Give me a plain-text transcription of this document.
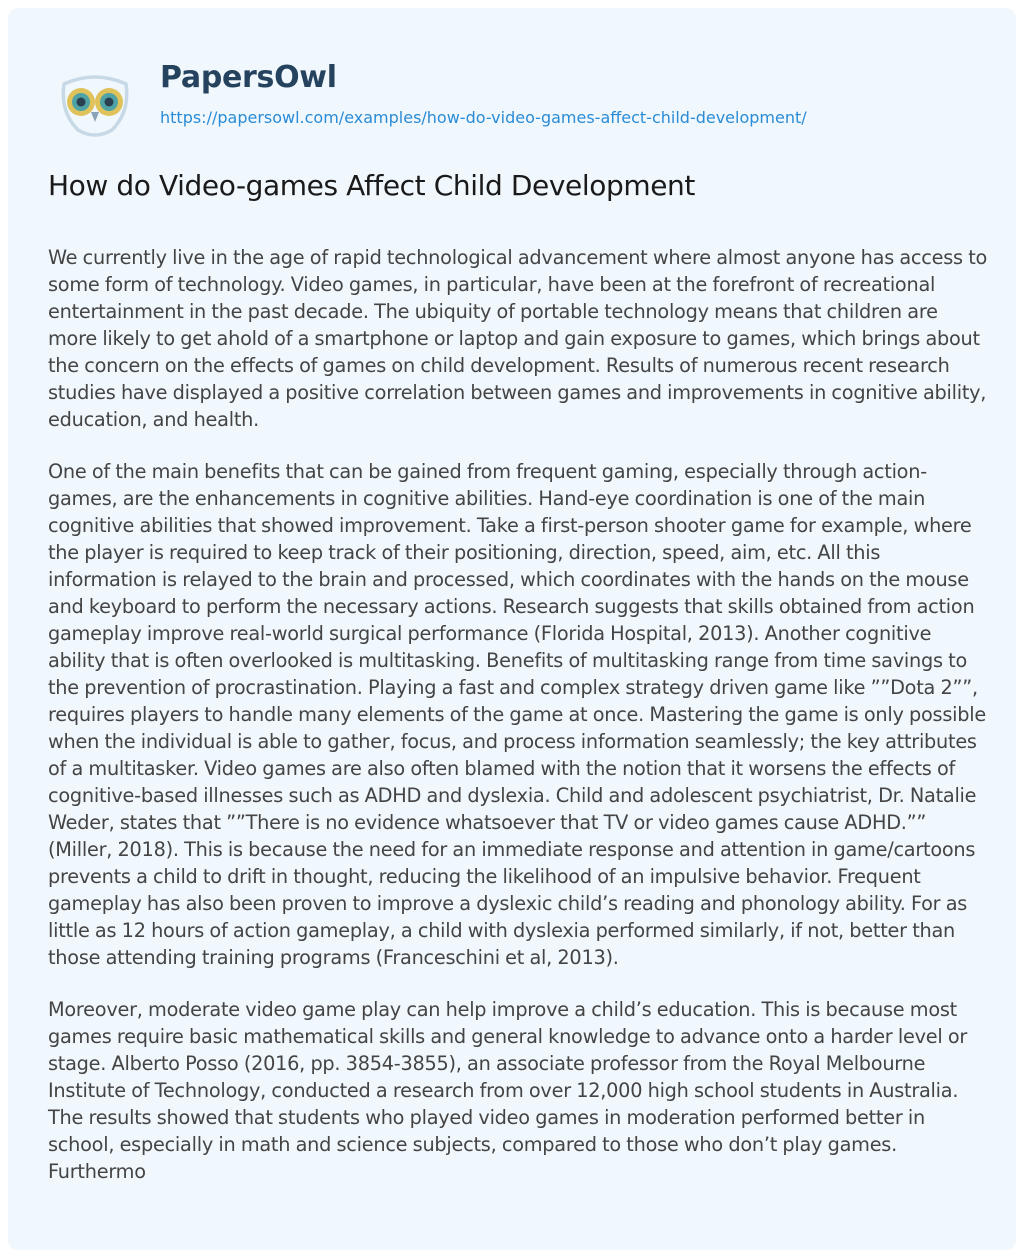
PapersOwl
https://papersowl.com/examples/how-do-video-games-affect-child-development/
How do Video-games Affect Child Development

We currently live in the age of rapid technological advancement where almost anyone has access to some form of technology. Video games, in particular, have been at the forefront of recreational entertainment in the past decade. The ubiquity of portable technology means that children are more likely to get ahold of a smartphone or laptop and gain exposure to games, which brings about the concern on the effects of games on child development. Results of numerous recent research studies have displayed a positive correlation between games and improvements in cognitive ability, education, and health.

One of the main benefits that can be gained from frequent gaming, especially through action-games, are the enhancements in cognitive abilities. Hand-eye coordination is one of the main cognitive abilities that showed improvement. Take a first-person shooter game for example, where the player is required to keep track of their positioning, direction, speed, aim, etc. All this information is relayed to the brain and processed, which coordinates with the hands on the mouse and keyboard to perform the necessary actions. Research suggests that skills obtained from action gameplay improve real-world surgical performance (Florida Hospital, 2013). Another cognitive ability that is often overlooked is multitasking. Benefits of multitasking range from time savings to the prevention of procrastination. Playing a fast and complex strategy driven game like ””Dota 2””, requires players to handle many elements of the game at once. Mastering the game is only possible when the individual is able to gather, focus, and process information seamlessly; the key attributes of a multitasker. Video games are also often blamed with the notion that it worsens the effects of cognitive-based illnesses such as ADHD and dyslexia. Child and adolescent psychiatrist, Dr. Natalie Weder, states that ””There is no evidence whatsoever that TV or video games cause ADHD.”” (Miller, 2018). This is because the need for an immediate response and attention in game/cartoons prevents a child to drift in thought, reducing the likelihood of an impulsive behavior. Frequent gameplay has also been proven to improve a dyslexic child’s reading and phonology ability. For as little as 12 hours of action gameplay, a child with dyslexia performed similarly, if not, better than those attending training programs (Franceschini et al, 2013).

Moreover, moderate video game play can help improve a child’s education. This is because most games require basic mathematical skills and general knowledge to advance onto a harder level or stage. Alberto Posso (2016, pp. 3854-3855), an associate professor from the Royal Melbourne Institute of Technology, conducted a research from over 12,000 high school students in Australia. The results showed that students who played video games in moderation performed better in school, especially in math and science subjects, compared to those who don’t play games. Furthermo
